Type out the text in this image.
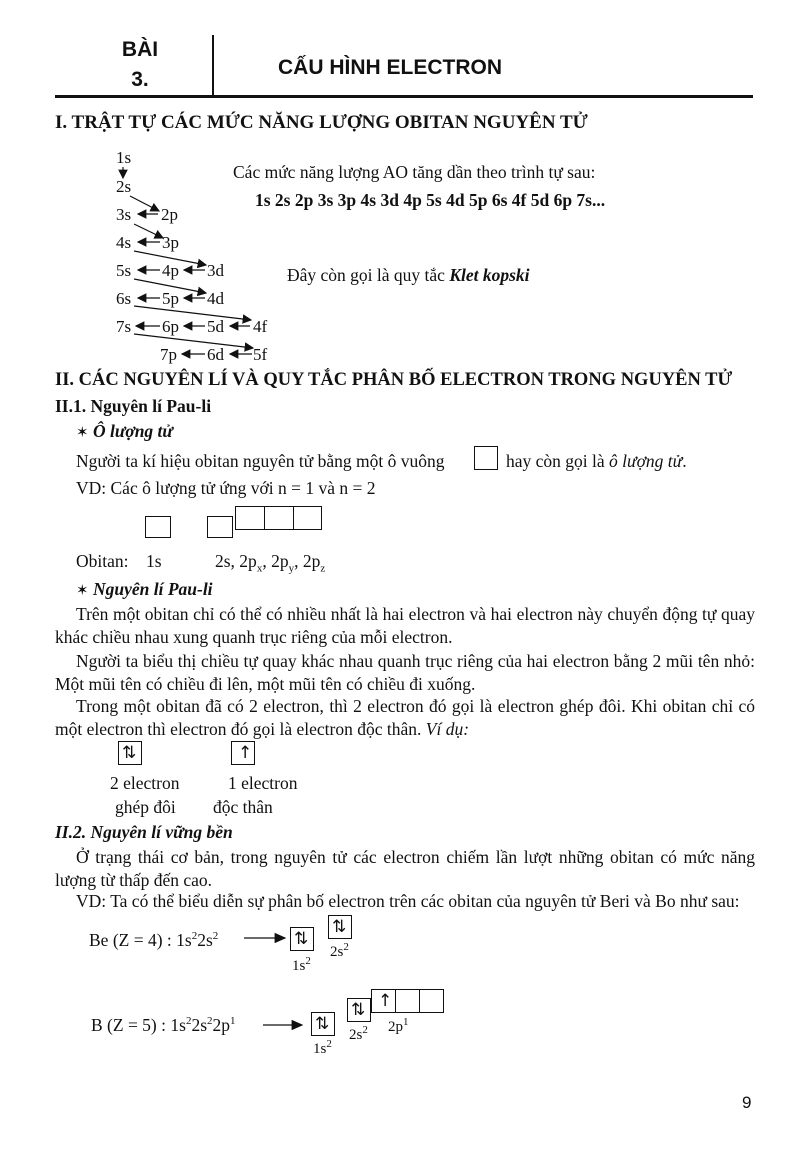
BÀI
3.
CẤU HÌNH ELECTRON
I. TRẬT TỰ CÁC MỨC NĂNG LƯỢNG OBITAN NGUYÊN TỬ
1s
2s
3s 2p
4s 3p
5s 4p 3d
6s 5p 4d
7s 6p 5d 4f
7p 6d 5f
Các mức năng lượng AO tăng dần theo trình tự sau:
1s 2s 2p 3s 3p 4s 3d 4p 5s 4d 5p 6s 4f 5d 6p 7s...
Đây còn gọi là quy tắc Klet kopski
II. CÁC NGUYÊN LÍ VÀ QUY TẮC PHÂN BỐ ELECTRON TRONG NGUYÊN TỬ
II.1. Nguyên lí Pau-li
✶ Ô lượng tử
Người ta kí hiệu obitan nguyên tử bằng một ô vuông	hay còn gọi là ô lượng tử.
VD: Các ô lượng tử ứng với n = 1 và n = 2
Obitan: 1s	2s, $2p_x$, $2p_y$, $2p_z$
✶ Nguyên lí Pau-li
Trên một obitan chỉ có thể có nhiều nhất là hai electron và hai electron này chuyển động tự quay khác chiều nhau xung quanh trục riêng của mỗi electron.
Người ta biểu thị chiều tự quay khác nhau quanh trục riêng của hai electron bằng 2 mũi tên nhỏ: Một mũi tên có chiều đi lên, một mũi tên có chiều đi xuống.
Trong một obitan đã có 2 electron, thì 2 electron đó gọi là electron ghép đôi. Khi obitan chỉ có một electron thì electron đó gọi là electron độc thân. Ví dụ:
⇅	↑
2 electron
ghép đôi
1 electron
độc thân
II.2. Nguyên lí vững bền
Ở trạng thái cơ bản, trong nguyên tử các electron chiếm lần lượt những obitan có mức năng lượng từ thấp đến cao.
VD: Ta có thể biểu diễn sự phân bố electron trên các obitan của nguyên tử Beri và Bo như sau:
Be (Z = 4) : $1s^22s^2$	⇅
⇅
$1s^2$
$2s^2$
B (Z = 5) : $1s^22s^22p^1$	⇅
⇅ ↑
$1s^2$
$2s^2$ $2p^1$
9
